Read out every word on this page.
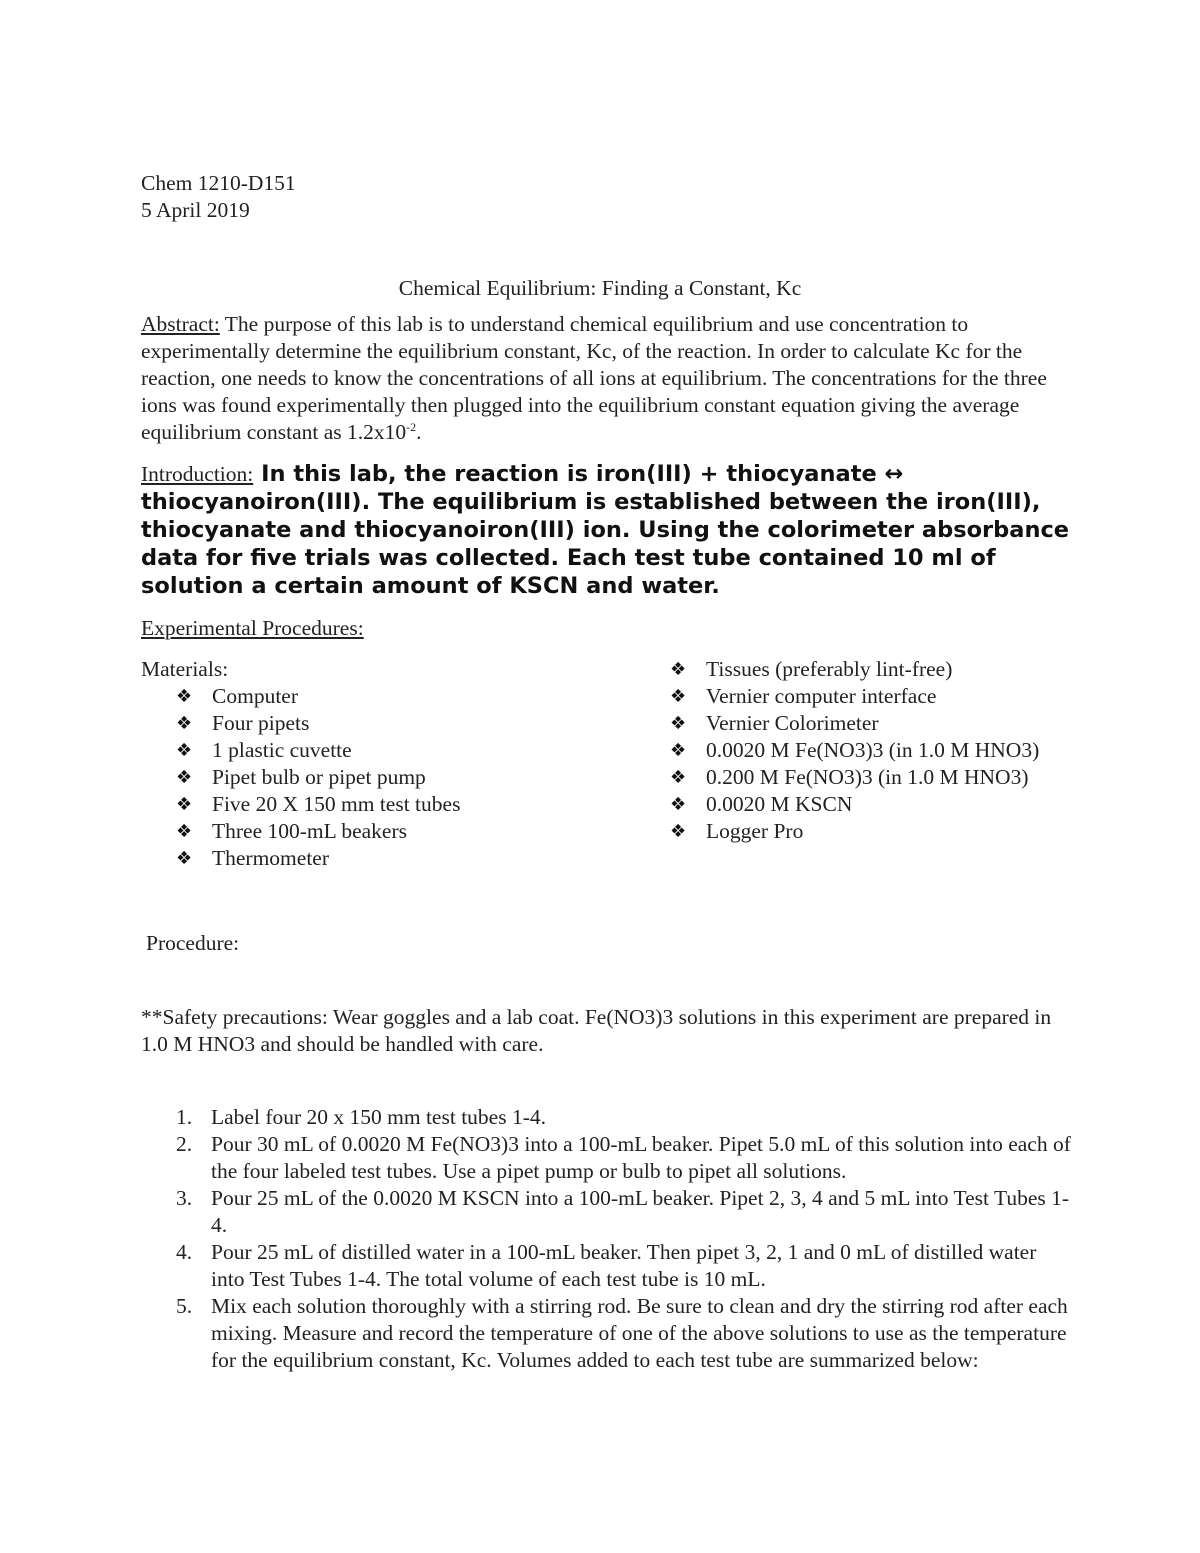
Chem 1210-D151
5 April 2019
Chemical Equilibrium: Finding a Constant, Kc
Abstract: The purpose of this lab is to understand chemical equilibrium and use concentration to experimentally determine the equilibrium constant, Kc, of the reaction. In order to calculate Kc for the reaction, one needs to know the concentrations of all ions at equilibrium. The concentrations for the three ions was found experimentally then plugged into the equilibrium constant equation giving the average equilibrium constant as $1.2x10^{-2}$.
Introduction: In this lab, the reaction is iron(III) + thiocyanate ↔ thiocyanoiron(III). The equilibrium is established between the iron(III), thiocyanate and thiocyanoiron(III) ion. Using the colorimeter absorbance data for five trials was collected. Each test tube contained 10 ml of solution a certain amount of KSCN and water.
Experimental Procedures:
Materials:
❖ Computer
❖ Four pipets
❖ 1 plastic cuvette
❖ Pipet bulb or pipet pump
❖ Five 20 X 150 mm test tubes
❖ Three 100-mL beakers
❖ Thermometer
❖ Tissues (preferably lint-free)
❖ Vernier computer interface
❖ Vernier Colorimeter
❖ 0.0020 M Fe(NO3)3 (in 1.0 M HNO3)
❖ 0.200 M Fe(NO3)3 (in 1.0 M HNO3)
❖ 0.0020 M KSCN
❖ Logger Pro
Procedure:
**Safety precautions: Wear goggles and a lab coat. Fe(NO3)3 solutions in this experiment are prepared in 1.0 M HNO3 and should be handled with care.
1. Label four 20 x 150 mm test tubes 1-4.
2. Pour 30 mL of 0.0020 M Fe(NO3)3 into a 100-mL beaker. Pipet 5.0 mL of this solution into each of the four labeled test tubes. Use a pipet pump or bulb to pipet all solutions.
3. Pour 25 mL of the 0.0020 M KSCN into a 100-mL beaker. Pipet 2, 3, 4 and 5 mL into Test Tubes 1-4.
4. Pour 25 mL of distilled water in a 100-mL beaker. Then pipet 3, 2, 1 and 0 mL of distilled water into Test Tubes 1-4. The total volume of each test tube is 10 mL.
5. Mix each solution thoroughly with a stirring rod. Be sure to clean and dry the stirring rod after each mixing. Measure and record the temperature of one of the above solutions to use as the temperature for the equilibrium constant, Kc. Volumes added to each test tube are summarized below:
